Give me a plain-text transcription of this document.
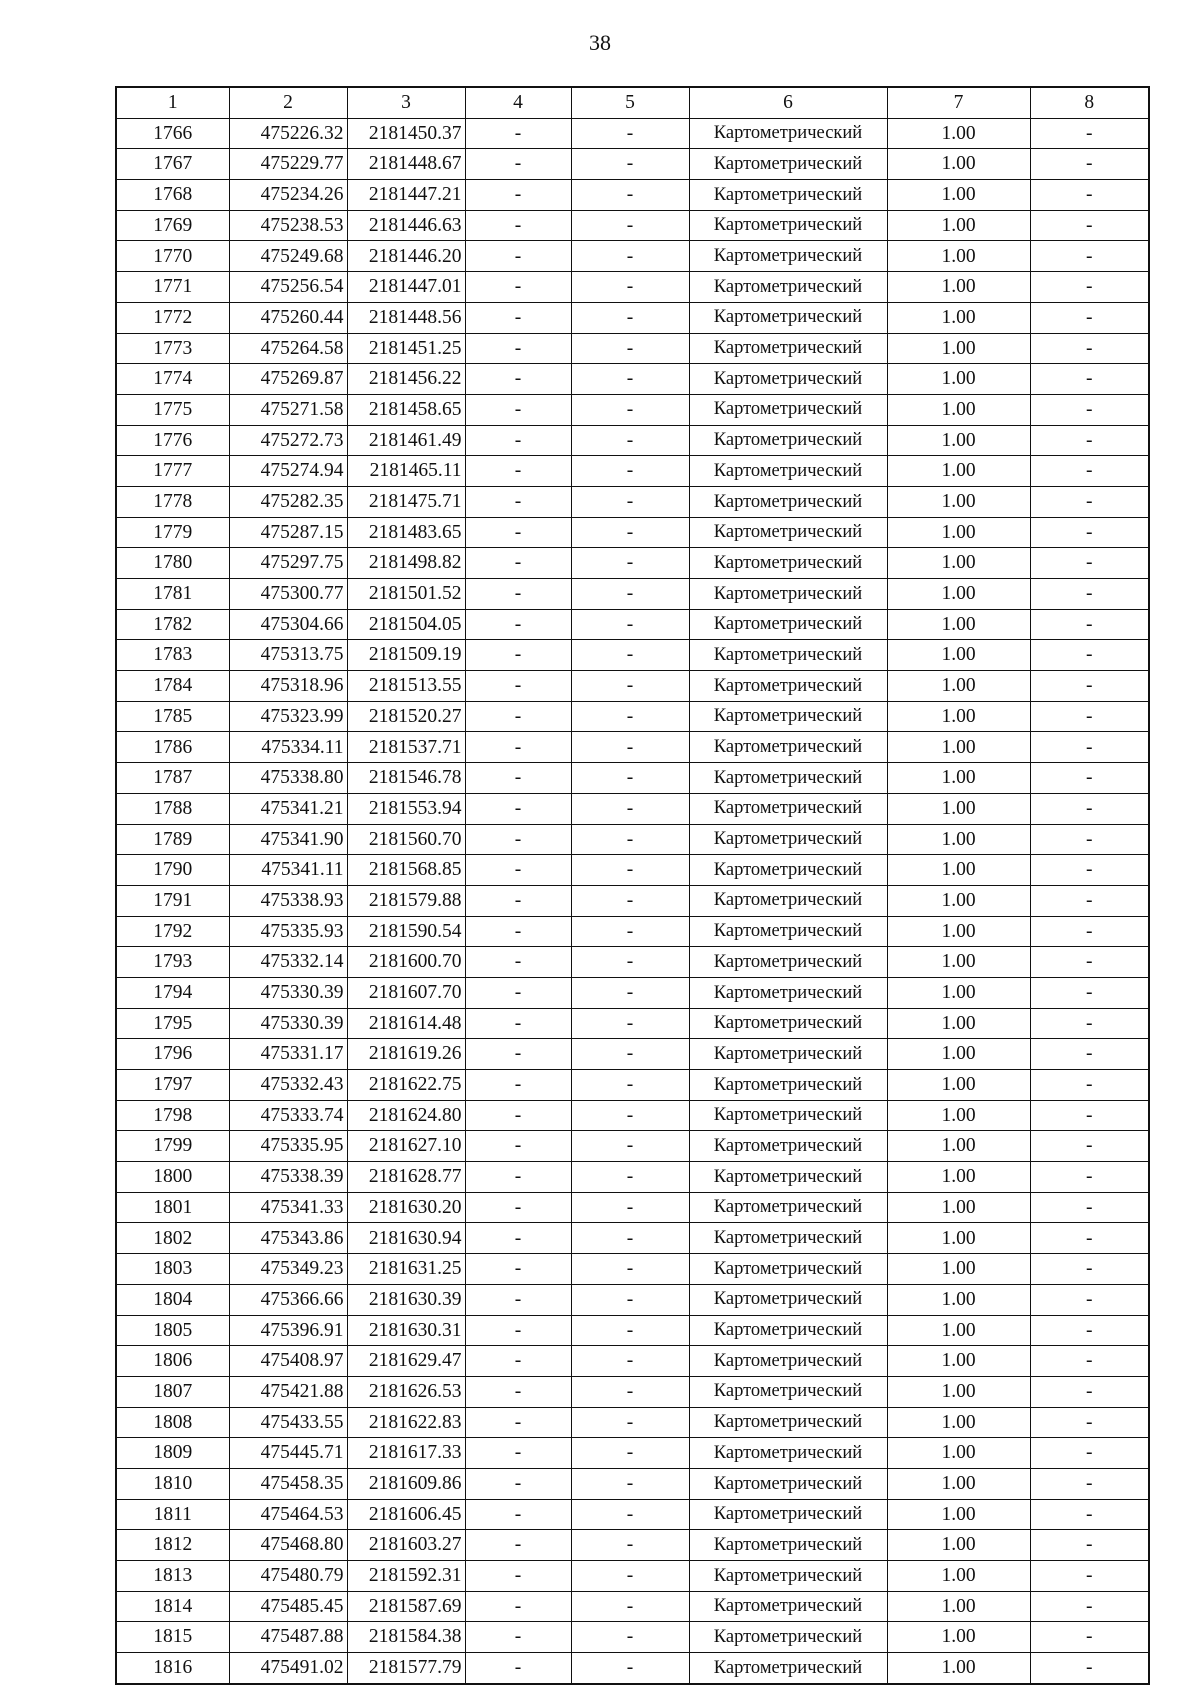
38
1	2	3	4	5	6	7	8
1766	475226.32	2181450.37	-	-	Картометрический	1.00	-
1767	475229.77	2181448.67	-	-	Картометрический	1.00	-
1768	475234.26	2181447.21	-	-	Картометрический	1.00	-
1769	475238.53	2181446.63	-	-	Картометрический	1.00	-
1770	475249.68	2181446.20	-	-	Картометрический	1.00	-
1771	475256.54	2181447.01	-	-	Картометрический	1.00	-
1772	475260.44	2181448.56	-	-	Картометрический	1.00	-
1773	475264.58	2181451.25	-	-	Картометрический	1.00	-
1774	475269.87	2181456.22	-	-	Картометрический	1.00	-
1775	475271.58	2181458.65	-	-	Картометрический	1.00	-
1776	475272.73	2181461.49	-	-	Картометрический	1.00	-
1777	475274.94	2181465.11	-	-	Картометрический	1.00	-
1778	475282.35	2181475.71	-	-	Картометрический	1.00	-
1779	475287.15	2181483.65	-	-	Картометрический	1.00	-
1780	475297.75	2181498.82	-	-	Картометрический	1.00	-
1781	475300.77	2181501.52	-	-	Картометрический	1.00	-
1782	475304.66	2181504.05	-	-	Картометрический	1.00	-
1783	475313.75	2181509.19	-	-	Картометрический	1.00	-
1784	475318.96	2181513.55	-	-	Картометрический	1.00	-
1785	475323.99	2181520.27	-	-	Картометрический	1.00	-
1786	475334.11	2181537.71	-	-	Картометрический	1.00	-
1787	475338.80	2181546.78	-	-	Картометрический	1.00	-
1788	475341.21	2181553.94	-	-	Картометрический	1.00	-
1789	475341.90	2181560.70	-	-	Картометрический	1.00	-
1790	475341.11	2181568.85	-	-	Картометрический	1.00	-
1791	475338.93	2181579.88	-	-	Картометрический	1.00	-
1792	475335.93	2181590.54	-	-	Картометрический	1.00	-
1793	475332.14	2181600.70	-	-	Картометрический	1.00	-
1794	475330.39	2181607.70	-	-	Картометрический	1.00	-
1795	475330.39	2181614.48	-	-	Картометрический	1.00	-
1796	475331.17	2181619.26	-	-	Картометрический	1.00	-
1797	475332.43	2181622.75	-	-	Картометрический	1.00	-
1798	475333.74	2181624.80	-	-	Картометрический	1.00	-
1799	475335.95	2181627.10	-	-	Картометрический	1.00	-
1800	475338.39	2181628.77	-	-	Картометрический	1.00	-
1801	475341.33	2181630.20	-	-	Картометрический	1.00	-
1802	475343.86	2181630.94	-	-	Картометрический	1.00	-
1803	475349.23	2181631.25	-	-	Картометрический	1.00	-
1804	475366.66	2181630.39	-	-	Картометрический	1.00	-
1805	475396.91	2181630.31	-	-	Картометрический	1.00	-
1806	475408.97	2181629.47	-	-	Картометрический	1.00	-
1807	475421.88	2181626.53	-	-	Картометрический	1.00	-
1808	475433.55	2181622.83	-	-	Картометрический	1.00	-
1809	475445.71	2181617.33	-	-	Картометрический	1.00	-
1810	475458.35	2181609.86	-	-	Картометрический	1.00	-
1811	475464.53	2181606.45	-	-	Картометрический	1.00	-
1812	475468.80	2181603.27	-	-	Картометрический	1.00	-
1813	475480.79	2181592.31	-	-	Картометрический	1.00	-
1814	475485.45	2181587.69	-	-	Картометрический	1.00	-
1815	475487.88	2181584.38	-	-	Картометрический	1.00	-
1816	475491.02	2181577.79	-	-	Картометрический	1.00	-
